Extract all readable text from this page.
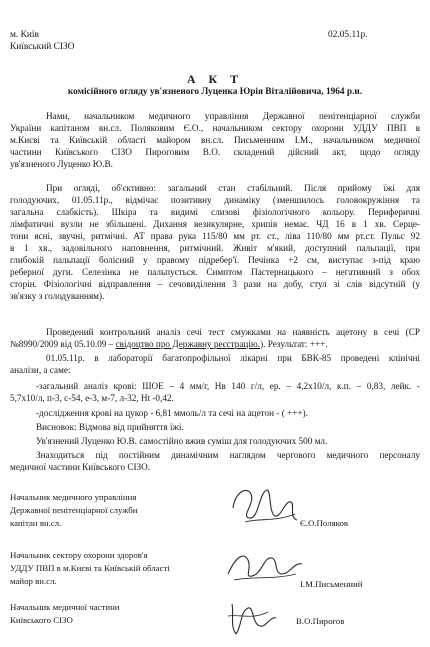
м. Київ	02.05.11р.
Київський СІЗО
А К Т
комісійного огляду ув'язненого Луценка Юрія Віталійовича, 1964 р.н.
Нами, начальником медичного управління Державної пенітенціарної служби
України капітаном вн.сл. Поляковим Є.О., начальником сектору охорони УДДУ ПВП в
м.Києві та Київській області майором вн.сл. Письменним І.М., начальником медичної
частини Київського СІЗО Пироговим В.О. складений дійсний акт, щодо огляду
ув'язненого Луценко Ю.В.
При огляді, об'єктивно: загальний стан стабільний. Після прийому їжі для
голодуючих, 01.05.11р., відмічає позитивну динаміку (зменшилось головокружіння та
загальна слабкість). Шкіра та видимі слизові фізіологічного кольору. Периферичні
лімфатичні вузли не збільшені. Дихання везикулярне, хрипів немає. ЧД 16 в 1 хв. Серце-
тони ясні, звучні, ритмічні. АТ права рука 115/80 мм рт. ст., ліва 110/80 мм рт.ст. Пульс 92
в 1 хв., задовільного наповнення, ритмічний. Живіт м'який, доступний пальпації, при
глибокій пальпації болісний у правому підребер'ї. Печінка +2 см, виступає з-під краю
реберної дуги. Селезінка не пальпується. Симптом Пастернацького – негативний з обох
сторін. Фізіологічні відправлення – сечовиділення 3 рази на добу, стул зі слів відсутній (у
зв'язку з голодуванням).
Проведений контрольний аналіз сечі тест смужками на наявність ацетону в сечі (СР
№8990/2009 від 05.10.09 – свідоцтво про Державну реєстрацію.). Результат: +++.
01.05.11р. в лабораторії багатопрофільної лікарні при БВК-85 проведені клінічні
аналізи, а саме:
-загальний аналіз крові: ШОЕ – 4 мм/г, Нв 140 г/л, ер. – 4,2х10/л, к.п. – 0,83, лейк. -
5,7х10/л, п-3, с-54, е-3, м-7, л-32, Нt -0,42.
-дослідження крові на цукор - 6,81 ммоль/л та сечі на ацетон - ( +++).
Висновок: Відмова від прийняття їжі.
Ув'язнений Луценко Ю.В. самостійно вжив суміш для голодуючих 500 мл.
Знаходиться під постійним динамічним наглядом чергового медичного персоналу
медичної частини Київського СІЗО.
Начальник медичного управління
Державної пенітенціарної служби
капітан вн.сл.	Є.О.Поляков
Начальник сектору охорони здоров'я
УДДУ ПВП в м.Києві та Київській області
майор вн.сл.	І.М.Письменний
Начальник медичної частини
Київського СІЗО	В.О.Пирогов
